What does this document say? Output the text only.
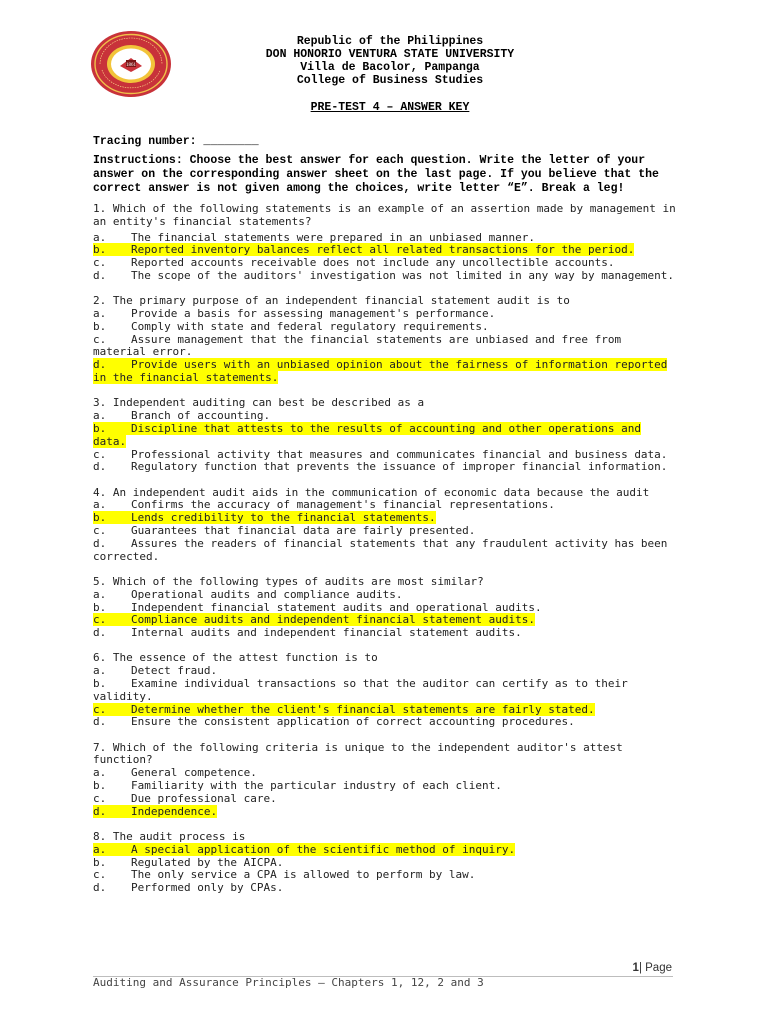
1861
Republic of the Philippines
DON HONORIO VENTURA STATE UNIVERSITY
Villa de Bacolor, Pampanga
College of Business Studies
PRE-TEST 4 – ANSWER KEY
Tracing number: ________
Instructions: Choose the best answer for each question. Write the letter of your answer on the corresponding answer sheet on the last page. If you believe that the correct answer is not given among the choices, write letter “E”. Break a leg!
1. Which of the following statements is an example of an assertion made by management in an entity's financial statements?
a. The financial statements were prepared in an unbiased manner.
b. Reported inventory balances reflect all related transactions for the period.
c. Reported accounts receivable does not include any uncollectible accounts.
d. The scope of the auditors' investigation was not limited in any way by management.
2. The primary purpose of an independent financial statement audit is to
a. Provide a basis for assessing management's performance.
b. Comply with state and federal regulatory requirements.
c. Assure management that the financial statements are unbiased and free from material error.
d. Provide users with an unbiased opinion about the fairness of information reported in the financial statements.
3. Independent auditing can best be described as a
a. Branch of accounting.
b. Discipline that attests to the results of accounting and other operations and data.
c. Professional activity that measures and communicates financial and business data.
d. Regulatory function that prevents the issuance of improper financial information.
4. An independent audit aids in the communication of economic data because the audit
a. Confirms the accuracy of management's financial representations.
b. Lends credibility to the financial statements.
c. Guarantees that financial data are fairly presented.
d. Assures the readers of financial statements that any fraudulent activity has been corrected.
5. Which of the following types of audits are most similar?
a. Operational audits and compliance audits.
b. Independent financial statement audits and operational audits.
c. Compliance audits and independent financial statement audits.
d. Internal audits and independent financial statement audits.
6. The essence of the attest function is to
a. Detect fraud.
b. Examine individual transactions so that the auditor can certify as to their validity.
c. Determine whether the client's financial statements are fairly stated.
d. Ensure the consistent application of correct accounting procedures.
7. Which of the following criteria is unique to the independent auditor's attest function?
a. General competence.
b. Familiarity with the particular industry of each client.
c. Due professional care.
d. Independence.
8. The audit process is
a. A special application of the scientific method of inquiry.
b. Regulated by the AICPA.
c. The only service a CPA is allowed to perform by law.
d. Performed only by CPAs.
1| Page
Auditing and Assurance Principles – Chapters 1, 12, 2 and 3
